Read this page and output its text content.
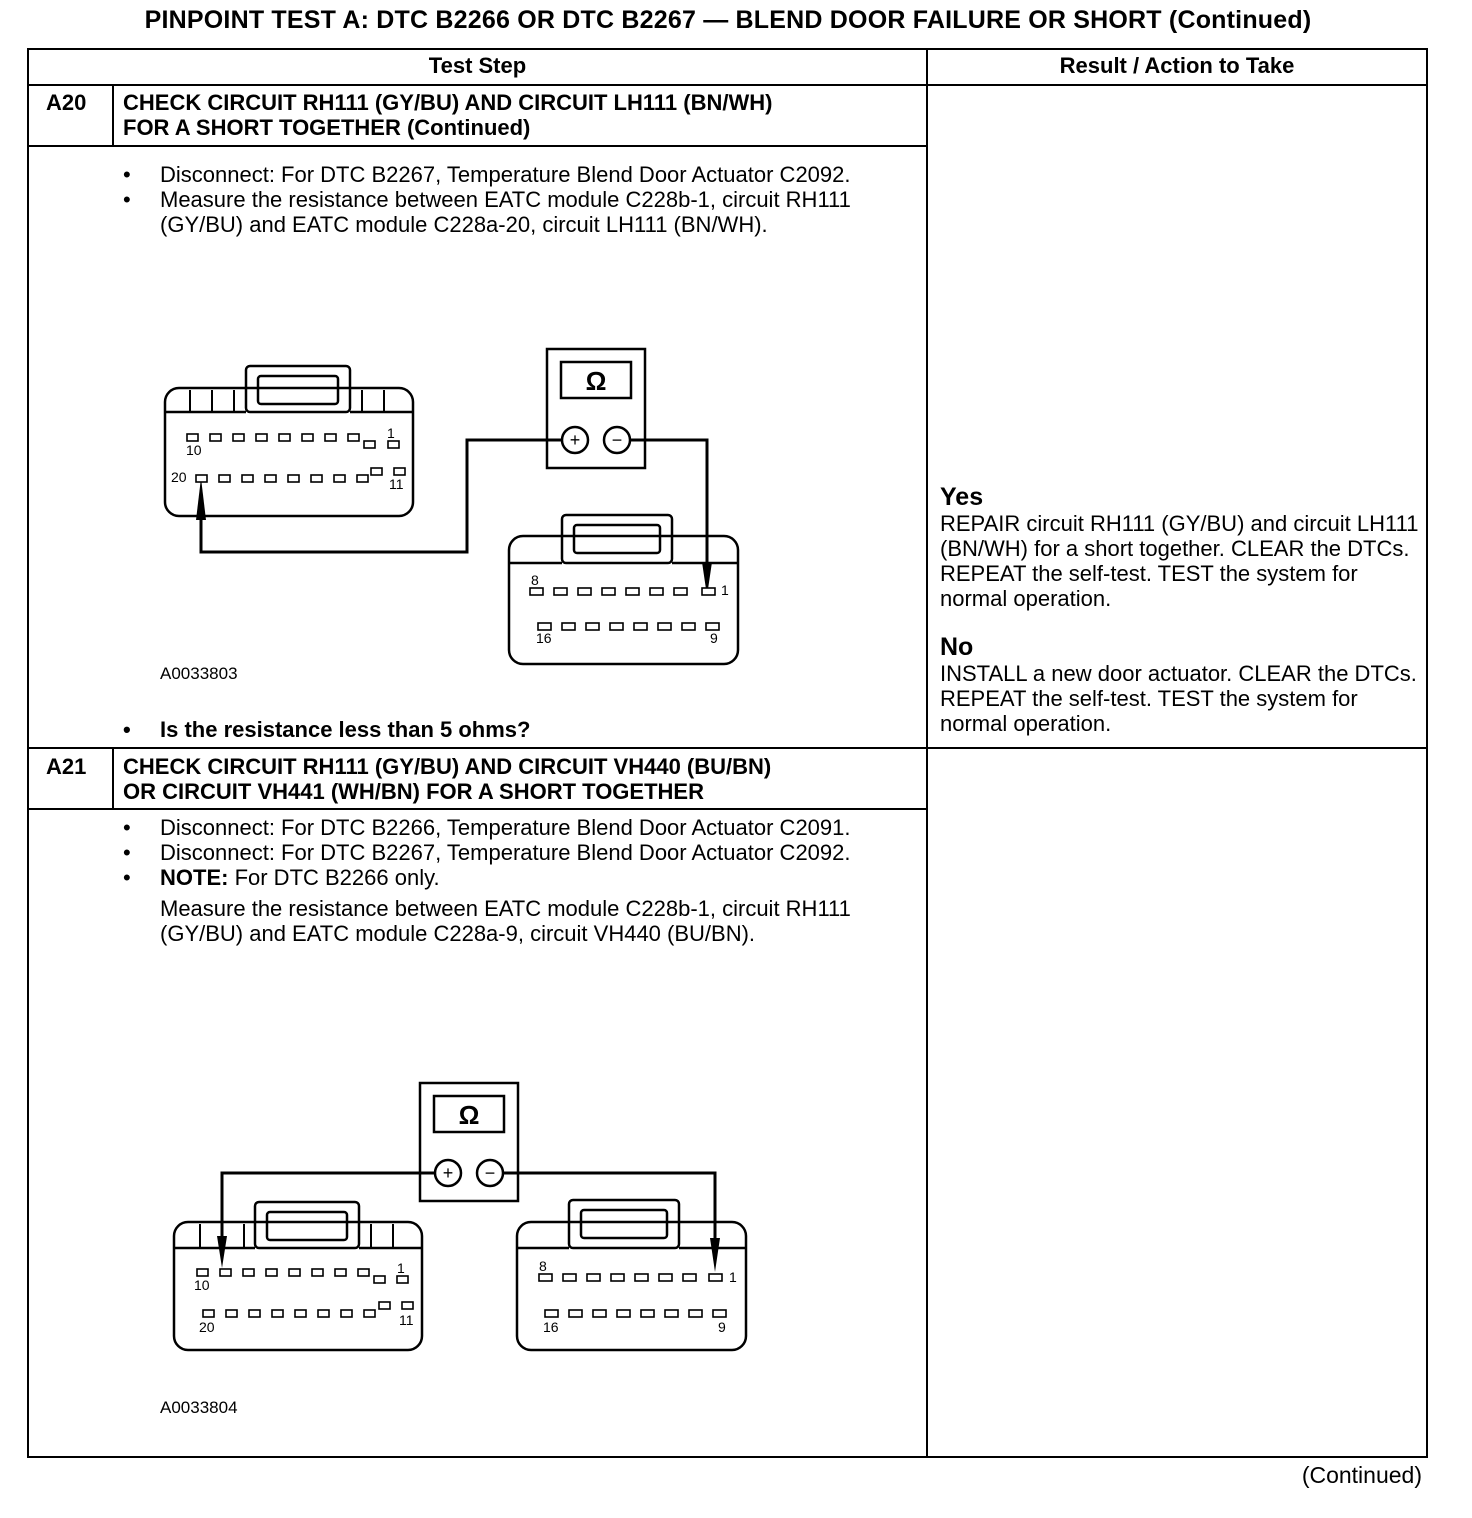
PINPOINT TEST A: DTC B2266 OR DTC B2267 — BLEND DOOR FAILURE OR SHORT (Continued)
Test Step	Result / Action to Take
A20 CHECK CIRCUIT RH111 (GY/BU) AND CIRCUIT LH111 (BN/WH)
FOR A SHORT TOGETHER (Continued)
• Disconnect: For DTC B2267, Temperature Blend Door Actuator C2092.
• Measure the resistance between EATC module C228b-1, circuit RH111 (GY/BU) and EATC module C228a-20, circuit LH111 (BN/WH).
Ω
+ −
1
10
20	11
8
1
16	9
A0033803
• Is the resistance less than 5 ohms?
Yes
REPAIR circuit RH111 (GY/BU) and circuit LH111 (BN/WH) for a short together. CLEAR the DTCs. REPEAT the self-test. TEST the system for normal operation.
No
INSTALL a new door actuator. CLEAR the DTCs. REPEAT the self-test. TEST the system for normal operation.
A21 CHECK CIRCUIT RH111 (GY/BU) AND CIRCUIT VH440 (BU/BN)
OR CIRCUIT VH441 (WH/BN) FOR A SHORT TOGETHER
• Disconnect: For DTC B2266, Temperature Blend Door Actuator C2091.
• Disconnect: For DTC B2267, Temperature Blend Door Actuator C2092.
• NOTE: For DTC B2266 only.
Measure the resistance between EATC module C228b-1, circuit RH111 (GY/BU) and EATC module C228a-9, circuit VH440 (BU/BN).
Ω
+ −
1
10
20	11
8
1
16	9
A0033804
(Continued)
